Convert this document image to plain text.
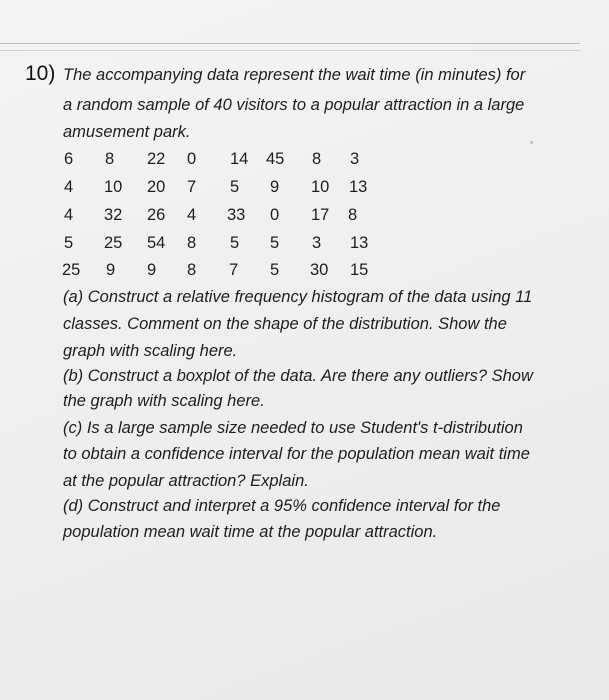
10) The accompanying data represent the wait time (in minutes) for
a random sample of 40 visitors to a popular attraction in a large
amusement park.
6 8 22 0 14 45 8 3
4 10 20 7 5 9 10 13
4 32 26 4 33 0 17 8
5 25 54 8 5 5 3 13
25 9 9 8 7 5 30 15
(a) Construct a relative frequency histogram of the data using 11
classes. Comment on the shape of the distribution. Show the
graph with scaling here.
(b) Construct a boxplot of the data. Are there any outliers? Show
the graph with scaling here.
(c) Is a large sample size needed to use Student's t-distribution
to obtain a confidence interval for the population mean wait time
at the popular attraction? Explain.
(d) Construct and interpret a 95% confidence interval for the
population mean wait time at the popular attraction.
